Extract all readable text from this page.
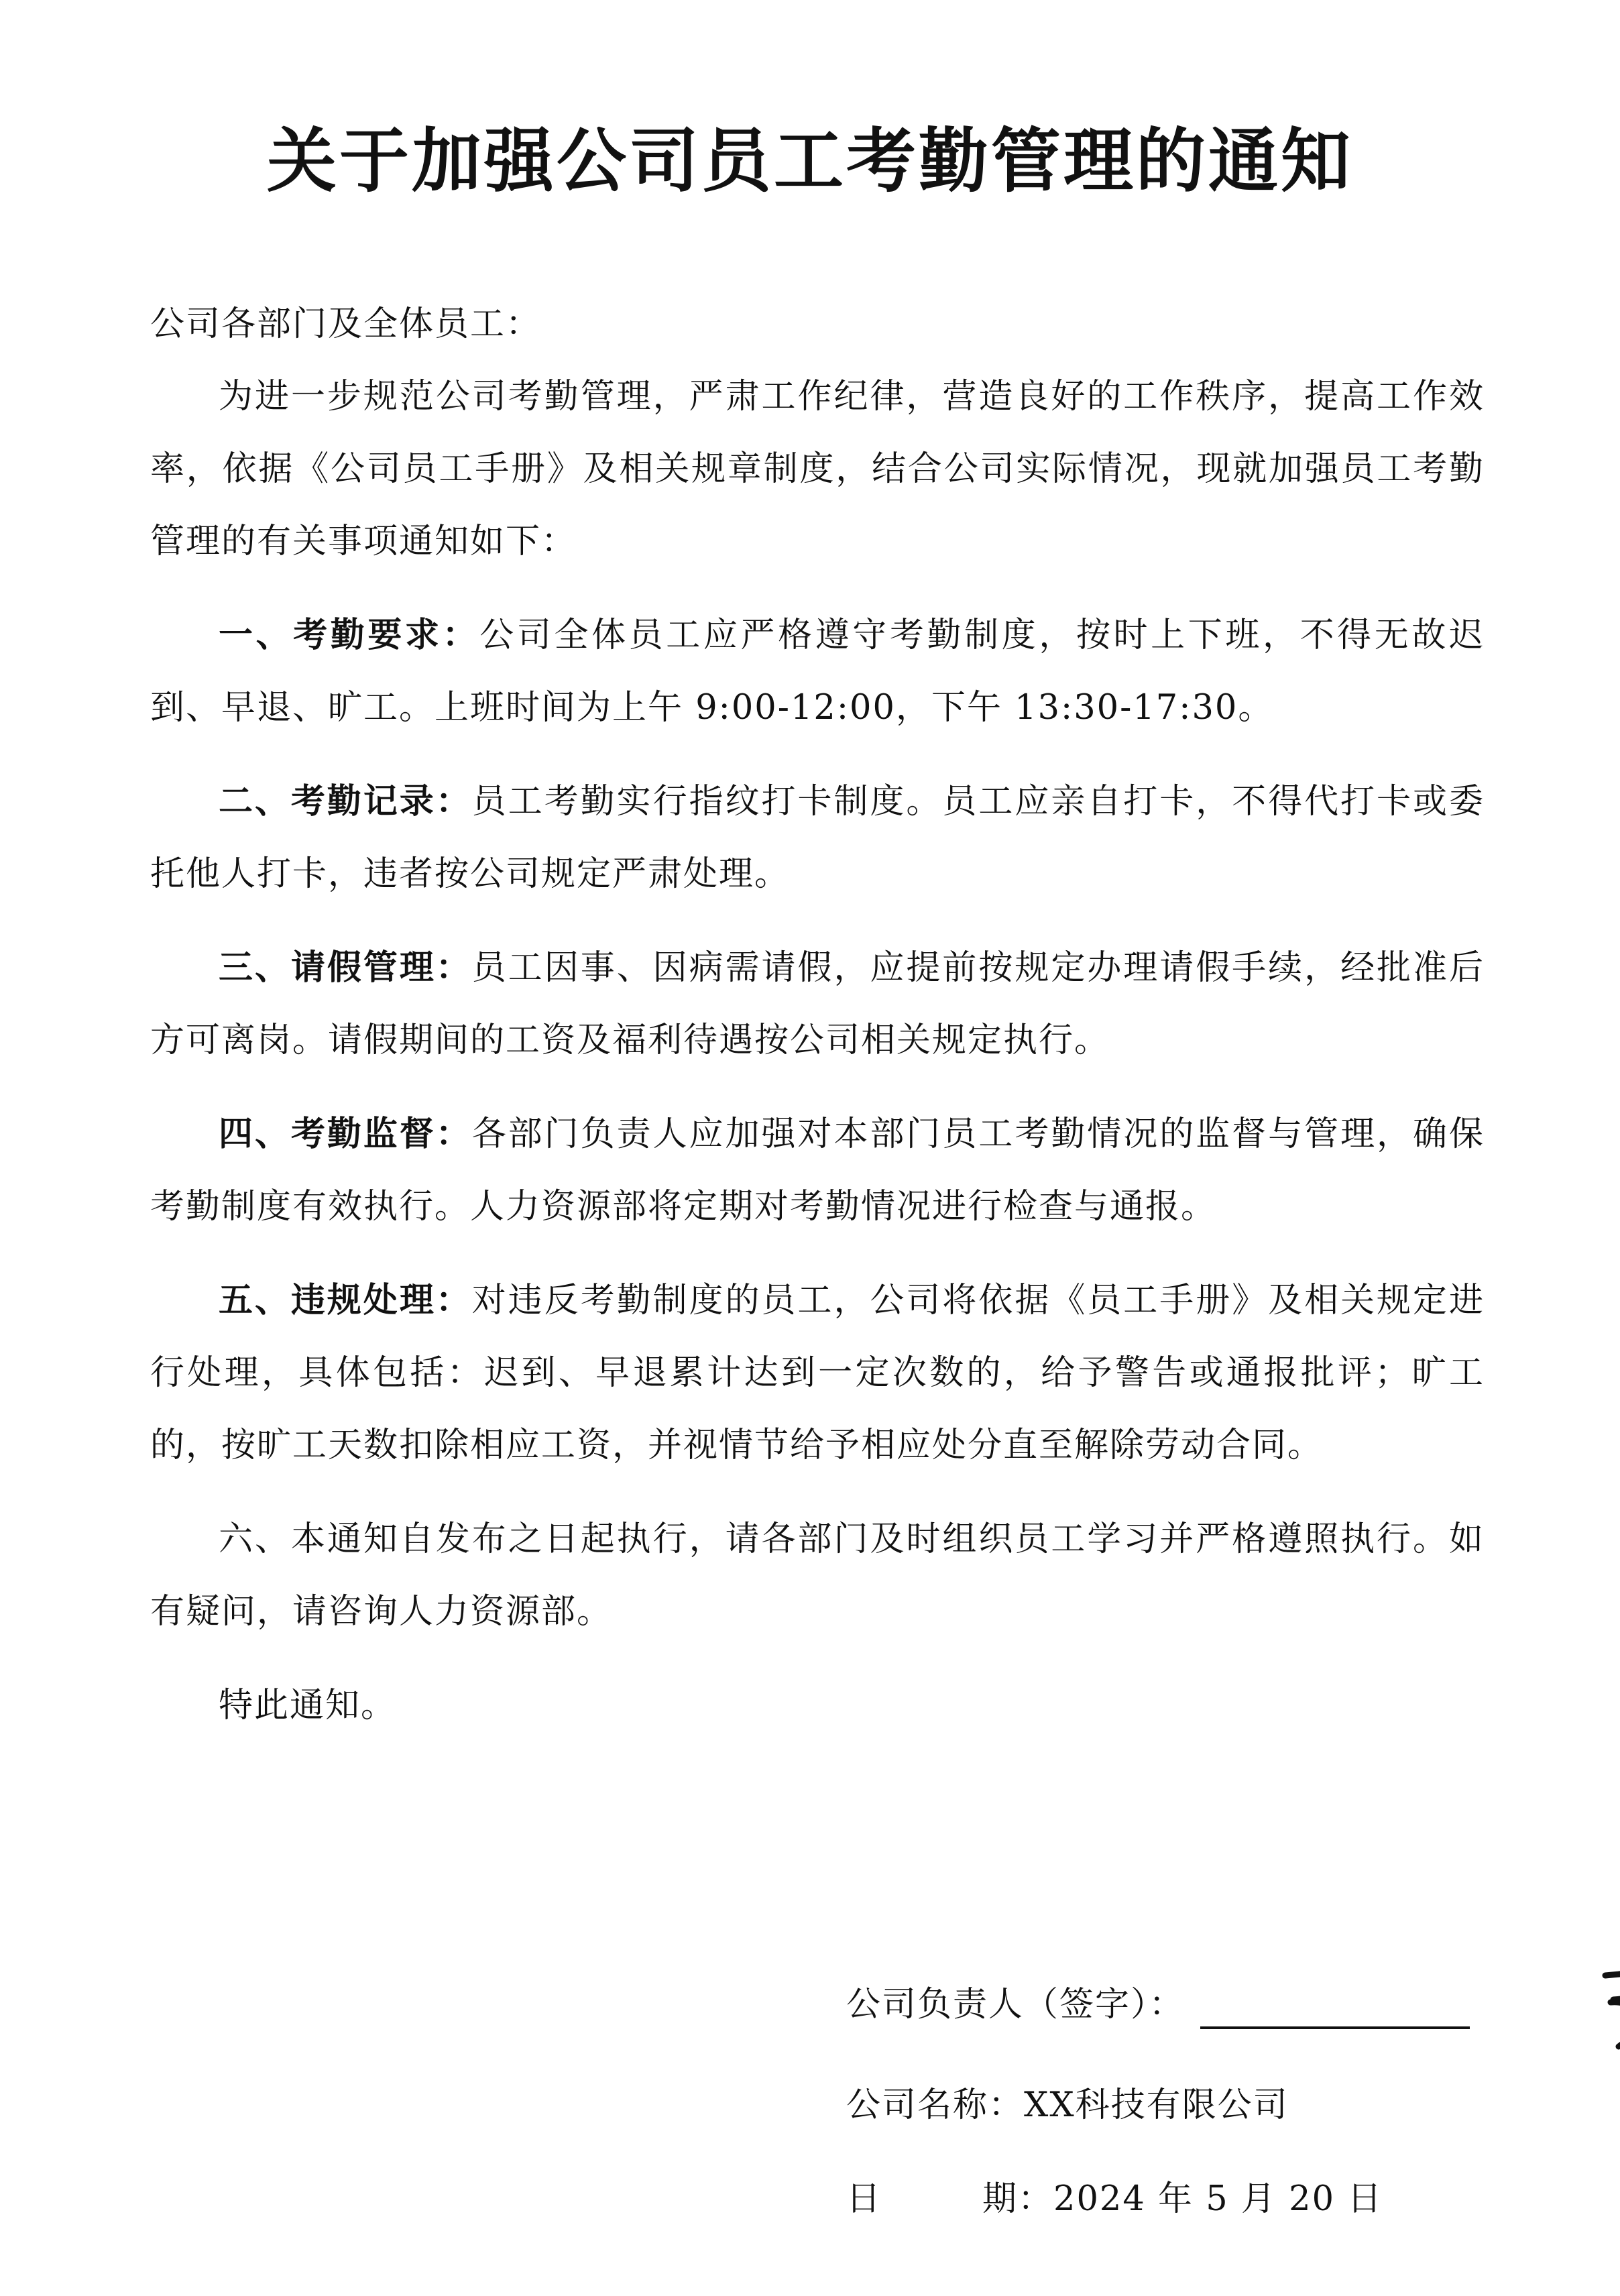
关于加强公司员工考勤管理的通知

公司各部门及全体员工：

为进一步规范公司考勤管理，严肃工作纪律，营造良好的工作秩序，提高工作效率，依据《公司员工手册》及相关规章制度，结合公司实际情况，现就加强员工考勤管理的有关事项通知如下：

一、考勤要求：公司全体员工应严格遵守考勤制度，按时上下班，不得无故迟到、早退、旷工。上班时间为上午 9:00-12:00，下午 13:30-17:30。

二、考勤记录：员工考勤实行指纹打卡制度。员工应亲自打卡，不得代打卡或委托他人打卡，违者按公司规定严肃处理。

三、请假管理：员工因事、因病需请假，应提前按规定办理请假手续，经批准后方可离岗。请假期间的工资及福利待遇按公司相关规定执行。

四、考勤监督：各部门负责人应加强对本部门员工考勤情况的监督与管理，确保考勤制度有效执行。人力资源部将定期对考勤情况进行检查与通报。

五、违规处理：对违反考勤制度的员工，公司将依据《员工手册》及相关规定进行处理，具体包括：迟到、早退累计达到一定次数的，给予警告或通报批评；旷工的，按旷工天数扣除相应工资，并视情节给予相应处分直至解除劳动合同。

六、本通知自发布之日起执行，请各部门及时组织员工学习并严格遵照执行。如有疑问，请咨询人力资源部。

特此通知。

公司负责人（签字）：
公司名称：XX科技有限公司
日	期：2024 年 5 月 20 日
